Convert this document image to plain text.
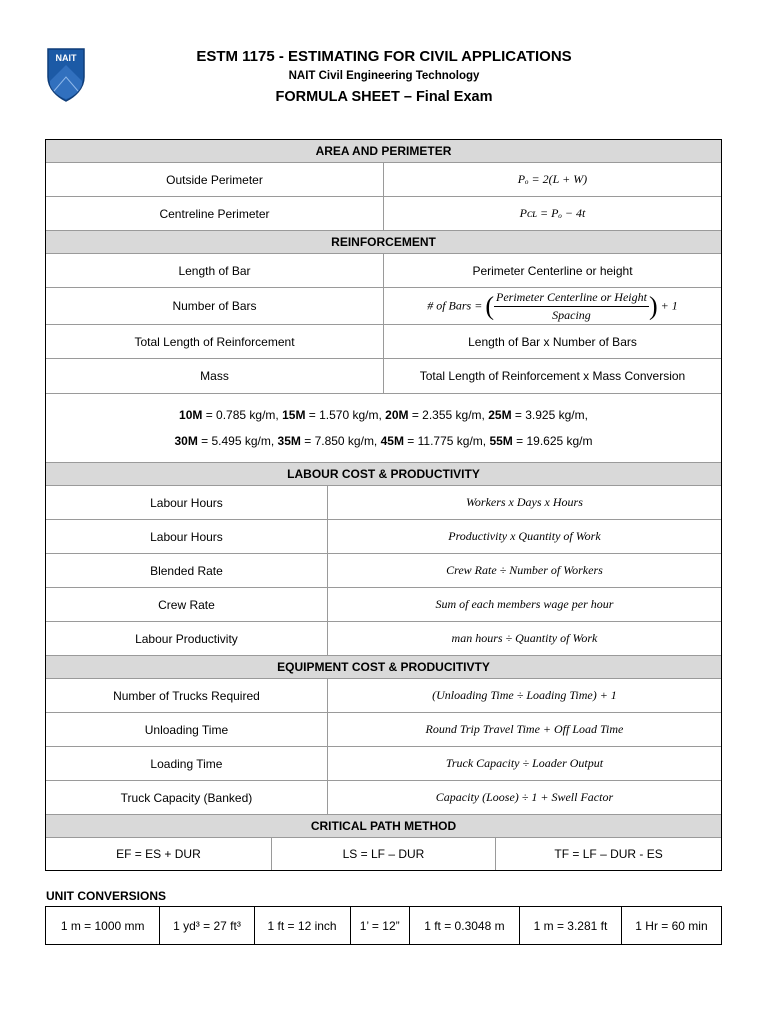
NAIT	ESTM 1175 - ESTIMATING FOR CIVIL APPLICATIONS
NAIT Civil Engineering Technology
FORMULA SHEET – Final Exam
AREA AND PERIMETER				
Outside Perimeter			Pₒ = 2(L + W)	
Centreline Perimeter			Pᴄʟ = Pₒ − 4t	
REINFORCEMENT				
Length of Bar			Perimeter Centerline or height	
Number of Bars			# of Bars = ( $\frac{\text{Perimeter Centerline or Height}}{\text{Spacing}}$ ) + 1	
Total Length of Reinforcement			Length of Bar x Number of Bars	
Mass			Total Length of Reinforcement x Mass Conversion	
10M = 0.785 kg/m, 15M = 1.570 kg/m, 20M = 2.355 kg/m, 25M = 3.925 kg/m,
30M = 5.495 kg/m, 35M = 7.850 kg/m, 45M = 11.775 kg/m, 55M = 19.625 kg/m				
LABOUR COST & PRODUCTIVITY				
Labour Hours		Workers x Days x Hours		
Labour Hours		Productivity x Quantity of Work		
Blended Rate		Crew Rate ÷ Number of Workers		
Crew Rate		Sum of each members wage per hour		
Labour Productivity		man hours ÷ Quantity of Work		
EQUIPMENT COST & PRODUCITIVTY				
Number of Trucks Required		(Unloading Time ÷ Loading Time) + 1		
Unloading Time		Round Trip Travel Time + Off Load Time		
Loading Time		Truck Capacity ÷ Loader Output		
Truck Capacity (Banked)		Capacity (Loose) ÷ 1 + Swell Factor		
CRITICAL PATH METHOD				
EF = ES + DUR	LS = LF – DUR			TF = LF – DUR - ES
UNIT CONVERSIONS
1 m = 1000 mm	1 yd³ = 27 ft³	1 ft = 12 inch	1’ = 12”	1 ft = 0.3048 m	1 m = 3.281 ft	1 Hr = 60 min
